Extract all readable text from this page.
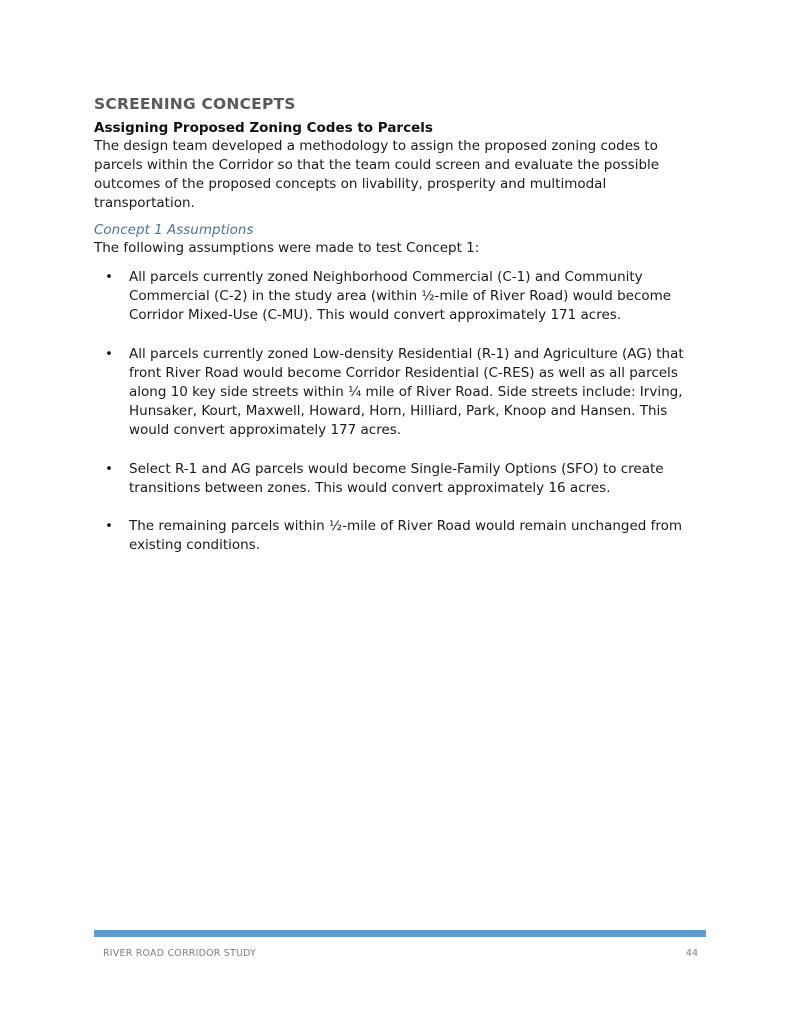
SCREENING CONCEPTS
Assigning Proposed Zoning Codes to Parcels

The design team developed a methodology to assign the proposed zoning codes to parcels within the Corridor so that the team could screen and evaluate the possible outcomes of the proposed concepts on livability, prosperity and multimodal transportation.

Concept 1 Assumptions

The following assumptions were made to test Concept 1:

• All parcels currently zoned Neighborhood Commercial (C-1) and Community Commercial (C-2) in the study area (within ½-mile of River Road) would become Corridor Mixed-Use (C-MU). This would convert approximately 171 acres.
• All parcels currently zoned Low-density Residential (R-1) and Agriculture (AG) that front River Road would become Corridor Residential (C-RES) as well as all parcels along 10 key side streets within ¼ mile of River Road. Side streets include: Irving, Hunsaker, Kourt, Maxwell, Howard, Horn, Hilliard, Park, Knoop and Hansen. This would convert approximately 177 acres.
• Select R-1 and AG parcels would become Single-Family Options (SFO) to create transitions between zones. This would convert approximately 16 acres.
• The remaining parcels within ½-mile of River Road would remain unchanged from existing conditions.
RIVER ROAD CORRIDOR STUDY	44
